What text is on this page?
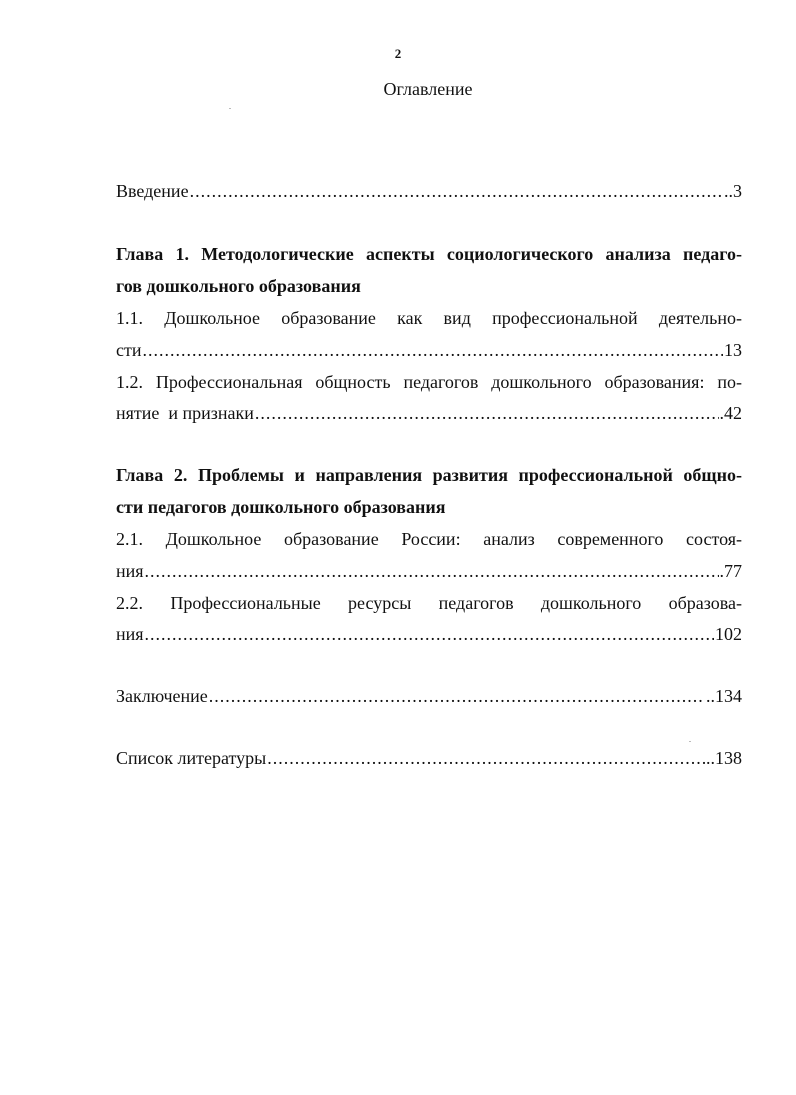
2
Оглавление
Введение .....	..3
Глава 1. Методологические аспекты социологического анализа педаго-
гов дошкольного образования
1.1. Дошкольное образование как вид профессиональной деятельно-
сти .....	13
1.2. Профессиональная общность педагогов дошкольного образования: по-
нятие  и признаки .....	.42
Глава 2. Проблемы и направления развития профессиональной общно-
сти педагогов дошкольного образования
2.1. Дошкольное образование России: анализ современного состоя-
ния .....	.77
2.2. Профессиональные ресурсы педагогов дошкольного образова-
ния .....	102
Заключение .....	..134
Список литературы .....	..138
